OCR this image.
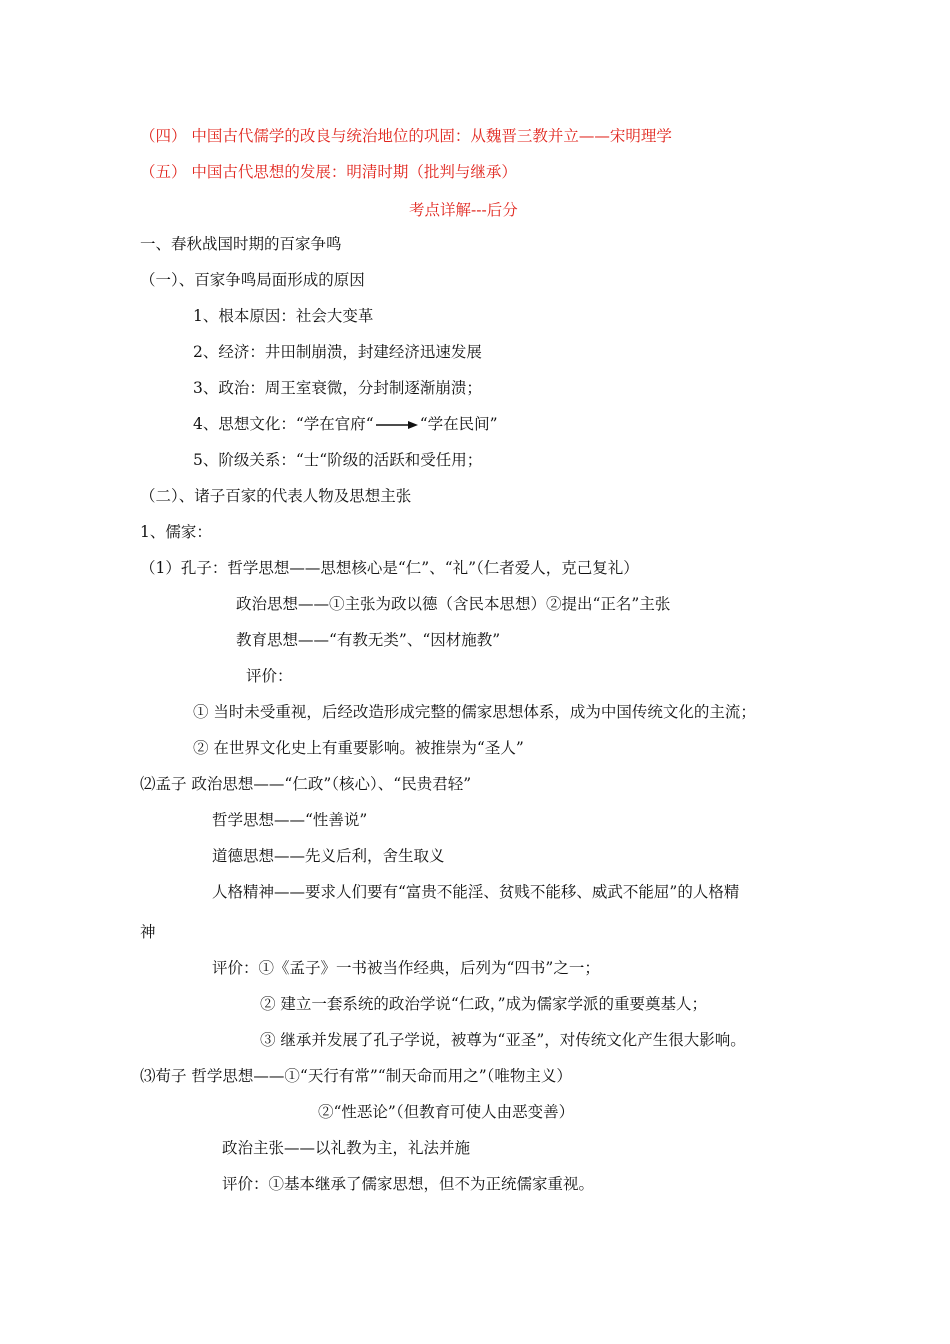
（四） 中国古代儒学的改良与统治地位的巩固：从魏晋三教并立——宋明理学
（五） 中国古代思想的发展：明清时期（批判与继承）
考点详解---后分
一、春秋战国时期的百家争鸣
（一）、百家争鸣局面形成的原因
1、根本原因：社会大变革
2、经济：井田制崩溃，封建经济迅速发展
3、政治：周王室衰微，分封制逐渐崩溃；
4、思想文化：“学在官府“	“学在民间”
5、阶级关系：“士“阶级的活跃和受任用；
（二）、诸子百家的代表人物及思想主张
1、儒家：
（1）孔子：哲学思想——思想核心是“仁”、“礼”（仁者爱人，克己复礼）
政治思想——①主张为政以德（含民本思想）②提出“正名”主张
教育思想——“有教无类”、“因材施教”
评价：
① 当时未受重视，后经改造形成完整的儒家思想体系，成为中国传统文化的主流；
② 在世界文化史上有重要影响。被推崇为“圣人”
⑵孟子 政治思想——“仁政”（核心）、“民贵君轻”
哲学思想——“性善说”
道德思想——先义后利，舍生取义
人格精神——要求人们要有“富贵不能淫、贫贱不能移、威武不能屈”的人格精
神
评价：①《孟子》一书被当作经典，后列为“四书”之一；
② 建立一套系统的政治学说“仁政，”成为儒家学派的重要奠基人；
③ 继承并发展了孔子学说，被尊为“亚圣”，对传统文化产生很大影响。
⑶荀子 哲学思想——①“天行有常”“制天命而用之”（唯物主义）
②“性恶论”（但教育可使人由恶变善）
政治主张——以礼教为主，礼法并施
评价：①基本继承了儒家思想，但不为正统儒家重视。
